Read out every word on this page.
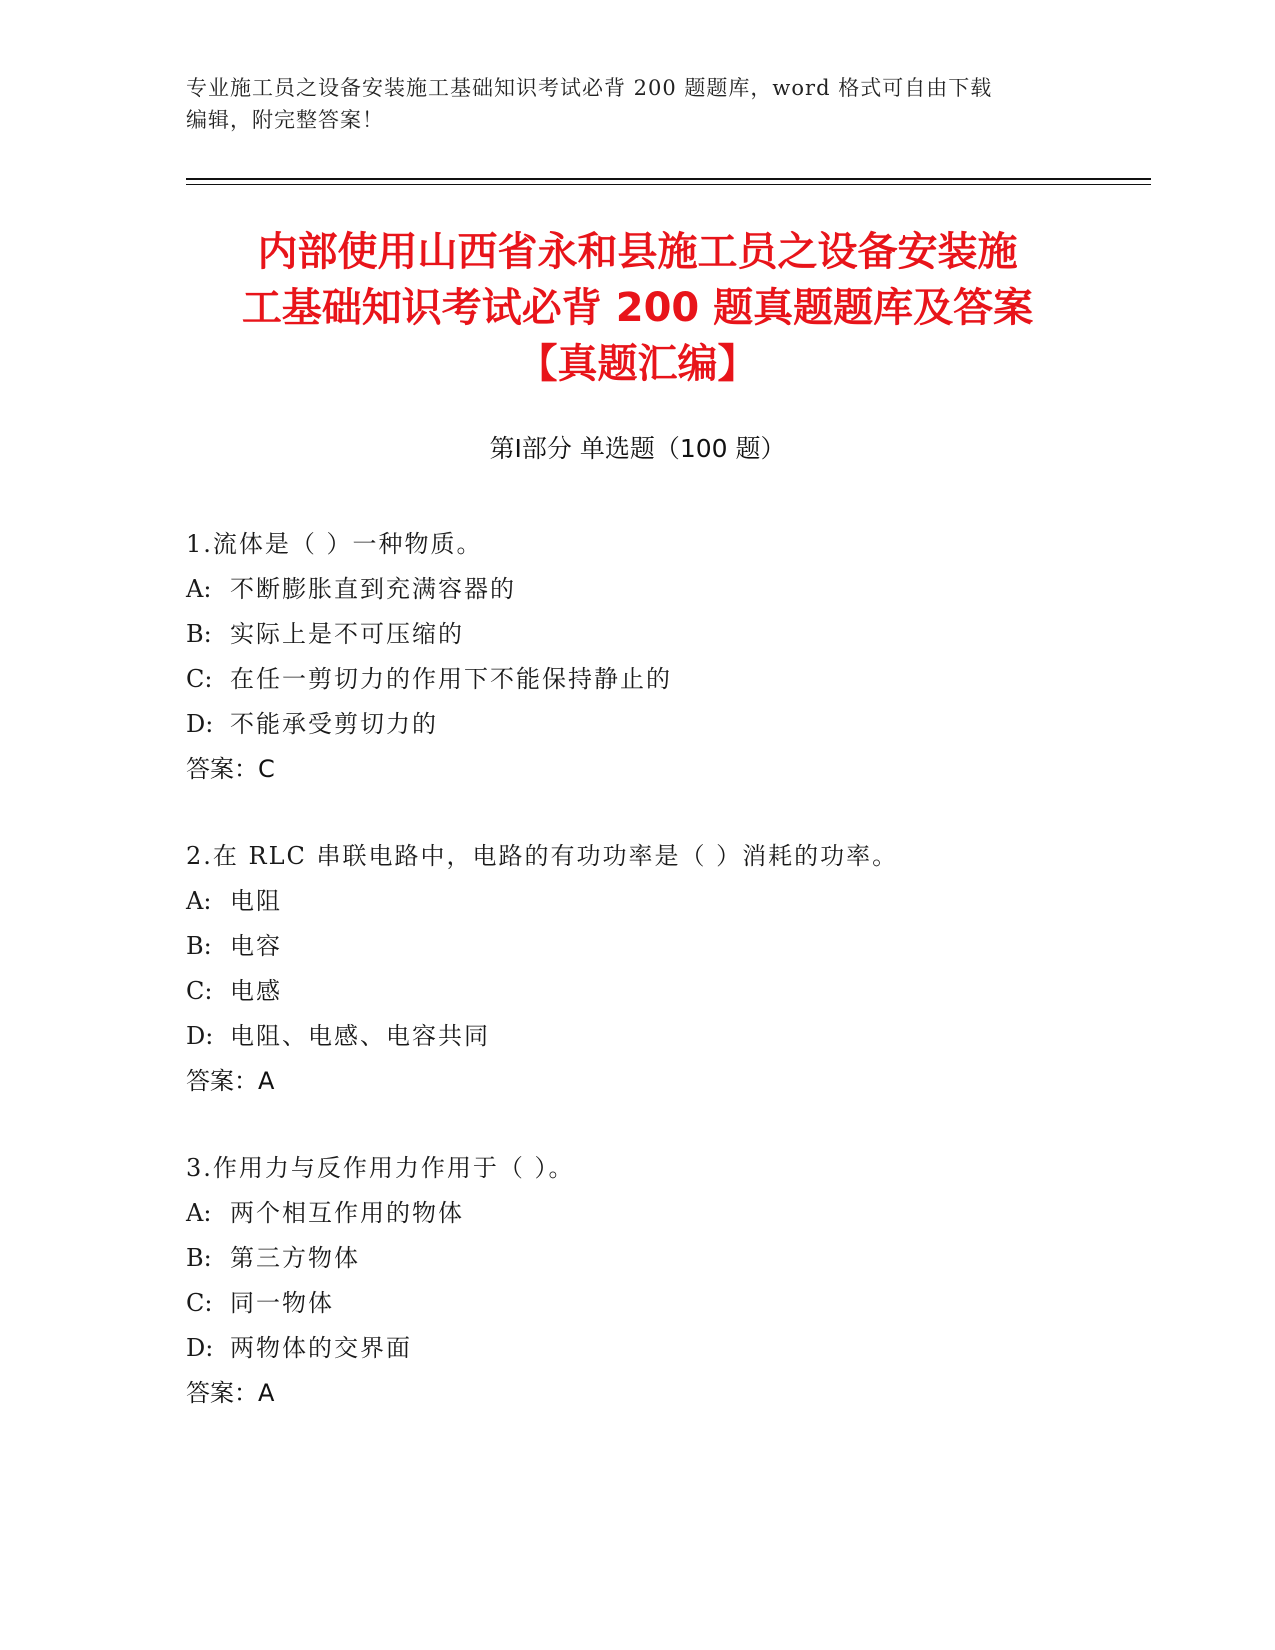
专业施工员之设备安装施工基础知识考试必背 200 题题库，word 格式可自由下载
编辑，附完整答案！
内部使用山西省永和县施工员之设备安装施
工基础知识考试必背 200 题真题题库及答案
【真题汇编】
第Ⅰ部分 单选题（100 题）
1.流体是（ ）一种物质。
A: 不断膨胀直到充满容器的
B: 实际上是不可压缩的
C: 在任一剪切力的作用下不能保持静止的
D: 不能承受剪切力的
答案：C
2.在 RLC 串联电路中，电路的有功功率是（ ）消耗的功率。
A: 电阻
B: 电容
C: 电感
D: 电阻、电感、电容共同
答案：A
3.作用力与反作用力作用于（ ）。
A: 两个相互作用的物体
B: 第三方物体
C: 同一物体
D: 两物体的交界面
答案：A
